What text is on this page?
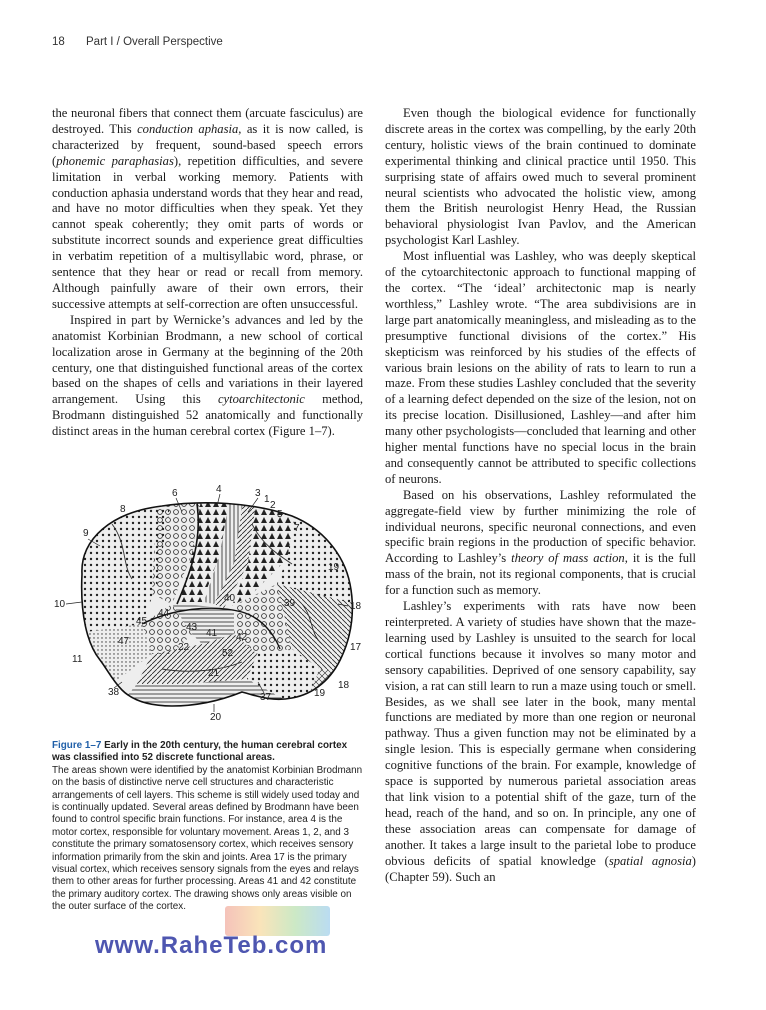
18 Part I / Overall Perspective

the neuronal fibers that connect them (arcuate fasciculus) are destroyed. This conduction aphasia, as it is now called, is characterized by frequent, sound-based speech errors (phonemic paraphasias), repetition difficulties, and severe limitation in verbal working memory. Patients with conduction aphasia understand words that they hear and read, and have no motor difficulties when they speak. Yet they cannot speak coherently; they omit parts of words or substitute incorrect sounds and experience great difficulties in verbatim repetition of a multisyllabic word, phrase, or sentence that they hear or read or recall from memory. Although painfully aware of their own errors, their successive attempts at self-correction are often unsuccessful.

Inspired in part by Wernicke’s advances and led by the anatomist Korbinian Brodmann, a new school of cortical localization arose in Germany at the beginning of the 20th century, one that distinguished functional areas of the cortex based on the shapes of cells and variations in their layered arrangement. Using this cytoarchitectonic method, Brodmann distinguished 52 anatomically and functionally distinct areas in the human cerebral cortex (Figure 1–7).

6	4	3
1
2
5
7
8
9
19
10
40	39	18
44
45
41
43
42
22
11
17
21
38	37	19
18
20
47
52
Figure 1–7 Early in the 20th century, the human cerebral cortex was classified into 52 discrete functional areas.
The areas shown were identified by the anatomist Korbinian Brodmann on the basis of distinctive nerve cell structures and characteristic arrangements of cell layers. This scheme is still widely used today and is continually updated. Several areas defined by Brodmann have been found to control specific brain functions. For instance, area 4 is the motor cortex, responsible for voluntary movement. Areas 1, 2, and 3 constitute the primary somatosensory cortex, which receives sensory information primarily from the skin and joints. Area 17 is the primary visual cortex, which receives sensory signals from the eyes and relays them to other areas for further processing. Areas 41 and 42 constitute the primary auditory cortex. The drawing shows only areas visible on the outer surface of the cortex.

Even though the biological evidence for functionally discrete areas in the cortex was compelling, by the early 20th century, holistic views of the brain continued to dominate experimental thinking and clinical practice until 1950. This surprising state of affairs owed much to several prominent neural scientists who advocated the holistic view, among them the British neurologist Henry Head, the Russian behavioral physiologist Ivan Pavlov, and the American psychologist Karl Lashley.

Most influential was Lashley, who was deeply skeptical of the cytoarchitectonic approach to functional mapping of the cortex. “The ‘ideal’ architectonic map is nearly worthless,” Lashley wrote. “The area subdivisions are in large part anatomically meaningless, and misleading as to the presumptive functional divisions of the cortex.” His skepticism was reinforced by his studies of the effects of various brain lesions on the ability of rats to learn to run a maze. From these studies Lashley concluded that the severity of a learning defect depended on the size of the lesion, not on its precise location. Disillusioned, Lashley—and after him many other psychologists—concluded that learning and other higher mental functions have no special locus in the brain and consequently cannot be attributed to specific collections of neurons.

Based on his observations, Lashley reformulated the aggregate-field view by further minimizing the role of individual neurons, specific neuronal connections, and even specific brain regions in the production of specific behavior. According to Lashley’s theory of mass action, it is the full mass of the brain, not its regional components, that is crucial for a function such as memory.

Lashley’s experiments with rats have now been reinterpreted. A variety of studies have shown that the maze-learning used by Lashley is unsuited to the search for local cortical functions because it involves so many motor and sensory capabilities. Deprived of one sensory capability, say vision, a rat can still learn to run a maze using touch or smell. Besides, as we shall see later in the book, many mental functions are mediated by more than one region or neuronal pathway. Thus a given function may not be eliminated by a single lesion. This is especially germane when considering cognitive functions of the brain. For example, knowledge of space is supported by numerous parietal association areas that link vision to a potential shift of the gaze, turn of the head, reach of the hand, and so on. In principle, any one of these association areas can compensate for damage of another. It takes a large insult to the parietal lobe to produce obvious deficits of spatial knowledge (spatial agnosia) (Chapter 59). Such an

www.RaheTeb.com
